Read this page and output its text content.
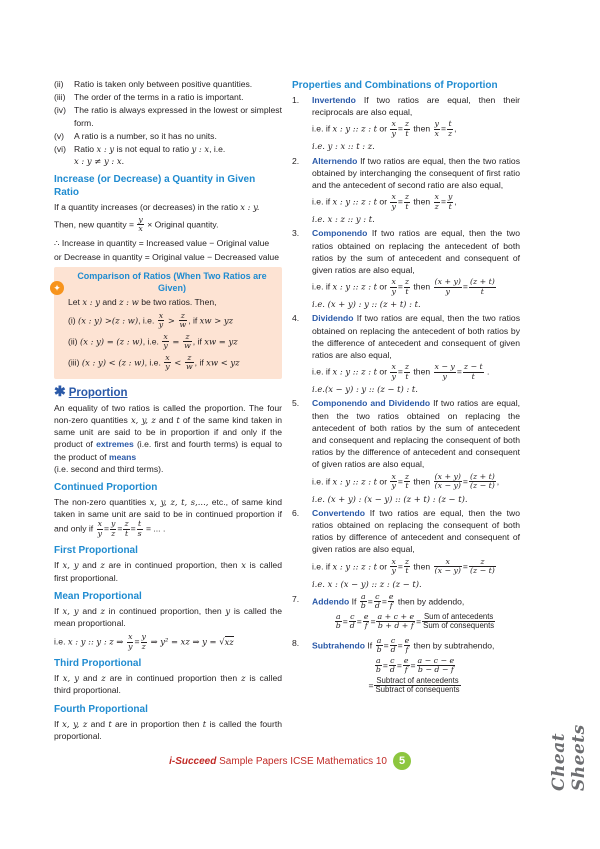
(ii)	Ratio is taken only between positive quantities.
(iii) The order of the terms in a ratio is important.
(iv) The ratio is always expressed in the lowest or simplest form.
(v)	A ratio is a number, so it has no units.
(vi) Ratio x : y is not equal to ratio y : x, i.e.
x : y ≠ y : x.
Increase (or Decrease) a Quantity in Given Ratio

If a quantity increases (or decreases) in the ratio x : y.

Then, new quantity = $\frac{y}{x}$ × Original quantity.

∴ Increase in quantity = Increased value − Original value

or Decrease in quantity = Original value − Decreased value

✦
Comparison of Ratios (When Two Ratios are Given)

Let x : y and z : w be two ratios. Then,

(i) (x : y) >(z : w), i.e. $\frac{x}{y} > \frac{z}{w}$ , if xw > yz
(ii) (x : y) = (z : w), i.e. $\frac{x}{y} = \frac{z}{w}$ , if xw = yz
(iii) (x : y) < (z : w), i.e. $\frac{x}{y} < \frac{z}{w}$ , if xw < yz
✱ Proportion

An equality of two ratios is called the proportion. The four non-zero quantities x, y, z and t of the same kind taken in same unit are said to be in proportion if and only if the product of extremes (i.e. first and fourth terms) is equal to the product of means
(i.e. second and third terms).

Continued Proportion

The non-zero quantities x, y, z, t, s,..., etc., of same kind taken in same unit are said to be in continued proportion if and only if $\frac{x}{y} = \frac{y}{z} = \frac{z}{t} = \frac{t}{s}$ = ... .

First Proportional

If x, y and z are in continued proportion, then x is called first proportional.

Mean Proportional

If x, y and z in continued proportion, then y is called the mean proportional.

i.e. x : y :: y : z ⇒ $\frac{x}{y} = \frac{y}{z}$ ⇒ y² = xz ⇒ y = √xz

Third Proportional

If x, y and z are in continued proportion then z is called third proportional.

Fourth Proportional

If x, y, z and t are in proportion then t is called the fourth proportional.

Properties and Combinations of Proportion
1.	Invertendo If two ratios are equal, then their reciprocals are also equal,
i.e. if x : y :: z : t or $\frac{x}{y} = \frac{z}{t}$ then $\frac{y}{x} = \frac{t}{z}$ ,
i.e. y : x :: t : z.
2.	Alternendo If two ratios are equal, then the two ratios obtained by interchanging the consequent of first ratio and the antecedent of second ratio are also equal,
i.e. if x : y :: z : t or $\frac{x}{y} = \frac{z}{t}$ then $\frac{x}{z} = \frac{y}{t}$ ,
i.e. x : z :: y : t.
3.	Componendo If two ratios are equal, then the two ratios obtained on replacing the antecedent of both ratios by the sum of antecedent and consequent of given ratios are also equal,
i.e. if x : y :: z : t or $\frac{x}{y} = \frac{z}{t}$ then $\frac{(x + y)}{y} = \frac{(z + t)}{t}$
i.e. (x + y) : y :: (z + t) : t.
4.	Dividendo If two ratios are equal, then the two ratios obtained on replacing the antecedent of both ratios by the difference of antecedent and consequent of given ratios are also equal,
i.e. if x : y :: z : t or $\frac{x}{y} = \frac{z}{t}$ then $\frac{x - y}{y} = \frac{z - t}{t}$ .
i.e.(x − y) : y :: (z − t) : t.
5.	Componendo and Dividendo If two ratios are equal, then the two ratios obtained on replacing the antecedent of both ratios by the sum of antecedent and consequent and replacing the consequent of both ratios by the difference of antecedent and consequent of given ratios are also equal,
i.e. if x : y :: z : t or $\frac{x}{y} = \frac{z}{t}$ then $\frac{(x + y)}{(x - y)} = \frac{(z + t)}{(z - t)}$ ,
i.e. (x + y) : (x − y) :: (z + t) : (z − t).
6.	Convertendo If two ratios are equal, then the two ratios obtained on replacing the consequent of both ratios by difference of antecedent and consequent of given ratios are also equal,
i.e. if x : y :: z : t or $\frac{x}{y} = \frac{z}{t}$ then $\frac{x}{(x - y)} = \frac{z}{(z - t)}$
i.e. x : (x − y) :: z : (z − t).
7.	Addendo If $\frac{a}{b} = \frac{c}{d} = \frac{e}{f}$ then by addendo,
$\frac{a}{b} = \frac{c}{d} = \frac{e}{f} = \frac{a + c + e}{b + d + f} = \frac{\text{Sum of antecedents}}{\text{Sum of consequents}}$
8.	Subtrahendo If $\frac{a}{b} = \frac{c}{d} = \frac{e}{f}$ then by subtrahendo,
$\frac{a}{b} = \frac{c}{d} = \frac{e}{f} = \frac{a - c - e}{b - d - f}$
= $\frac{\text{Subtract of antecedents}}{\text{Subtract of consequents}}$
i-Succeed Sample Papers ICSE Mathematics 10	5	Cheat Sheets
